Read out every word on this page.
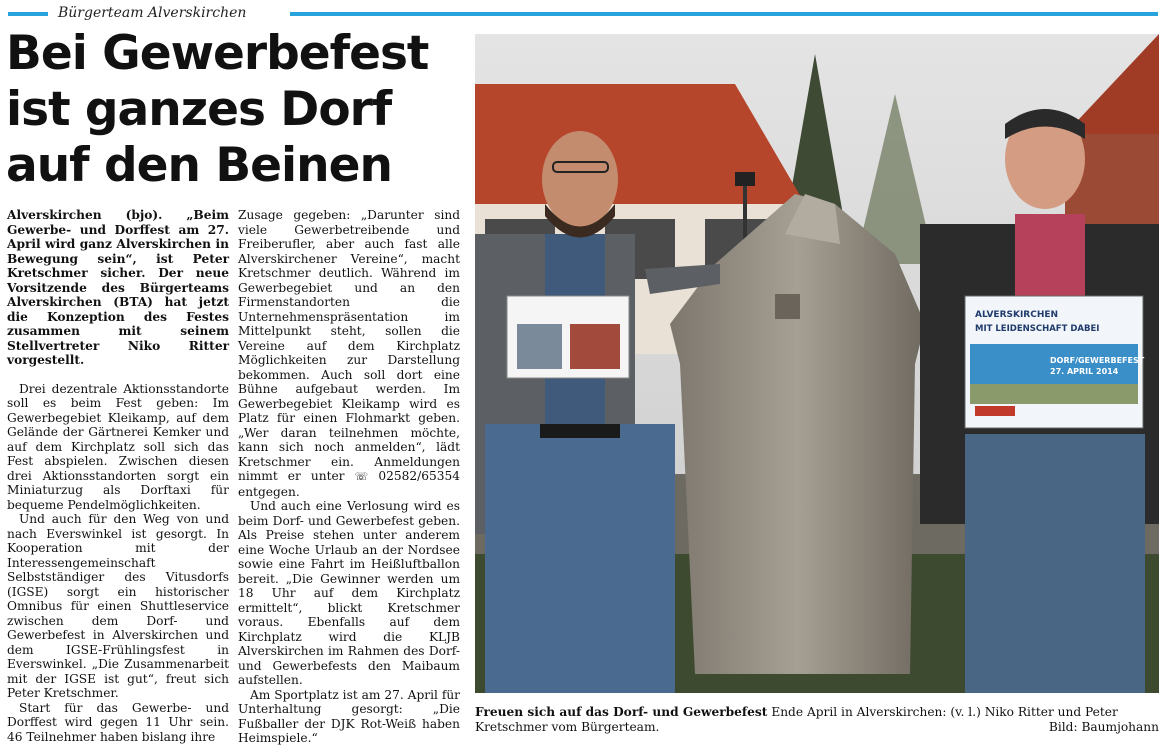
Bürgerteam Alverskirchen
Bei Gewerbefest
ist ganzes Dorf
auf den Beinen

Alverskirchen (bjo). „Beim Gewerbe- und Dorffest am 27. April wird ganz Alverskirchen in Bewegung sein“, ist Peter Kretschmer sicher. Der neue Vorsitzende des Bürgerteams Alverskirchen (BTA) hat jetzt die Konzeption des Festes zusammen mit seinem Stellvertreter Niko Ritter vorgestellt.

Drei dezentrale Aktionsstandorte soll es beim Fest geben: Im Gewerbegebiet Kleikamp, auf dem Gelände der Gärtnerei Kemker und auf dem Kirchplatz soll sich das Fest abspielen. Zwischen diesen drei Aktionsstandorten sorgt ein Miniaturzug als Dorftaxi für bequeme Pendelmöglichkeiten.

Und auch für den Weg von und nach Everswinkel ist gesorgt. In Kooperation mit der Interessengemeinschaft Selbstständiger des Vitusdorfs (IGSE) sorgt ein historischer Omnibus für einen Shuttleservice zwischen dem Dorf- und Gewerbefest in Alverskirchen und dem IGSE-Frühlingsfest in Everswinkel. „Die Zusammenarbeit mit der IGSE ist gut“, freut sich Peter Kretschmer.

Start für das Gewerbe- und Dorffest wird gegen 11 Uhr sein. 46 Teilnehmer haben bislang ihre

Zusage gegeben: „Darunter sind viele Gewerbetreibende und Freiberufler, aber auch fast alle Alverskirchener Vereine“, macht Kretschmer deutlich. Während im Gewerbegebiet und an den Firmenstandorten die Unternehmenspräsentation im Mittelpunkt steht, sollen die Vereine auf dem Kirchplatz Möglichkeiten zur Darstellung bekommen. Auch soll dort eine Bühne aufgebaut werden. Im Gewerbegebiet Kleikamp wird es Platz für einen Flohmarkt geben. „Wer daran teilnehmen möchte, kann sich noch anmelden“, lädt Kretschmer ein. Anmeldungen nimmt er unter ☏ 02582/65354 entgegen.

Und auch eine Verlosung wird es beim Dorf- und Gewerbefest geben. Als Preise stehen unter anderem eine Woche Urlaub an der Nordsee sowie eine Fahrt im Heißluftballon bereit. „Die Gewinner werden um 18 Uhr auf dem Kirchplatz ermittelt“, blickt Kretschmer voraus. Ebenfalls auf dem Kirchplatz wird die KLJB Alverskirchen im Rahmen des Dorf- und Gewerbefests den Maibaum aufstellen.

Am Sportplatz ist am 27. April für Unterhaltung gesorgt: „Die Fußballer der DJK Rot-Weiß haben Heimspiele.“

ALVERSKIRCHEN
MIT LEIDENSCHAFT DABEI
DORF/GEWERBEFEST
27. APRIL 2014
Freuen sich auf das Dorf- und Gewerbefest Ende April in Alverskirchen: (v. l.) Niko Ritter und Peter Kretschmer vom Bürgerteam.	Bild: Baumjohann
